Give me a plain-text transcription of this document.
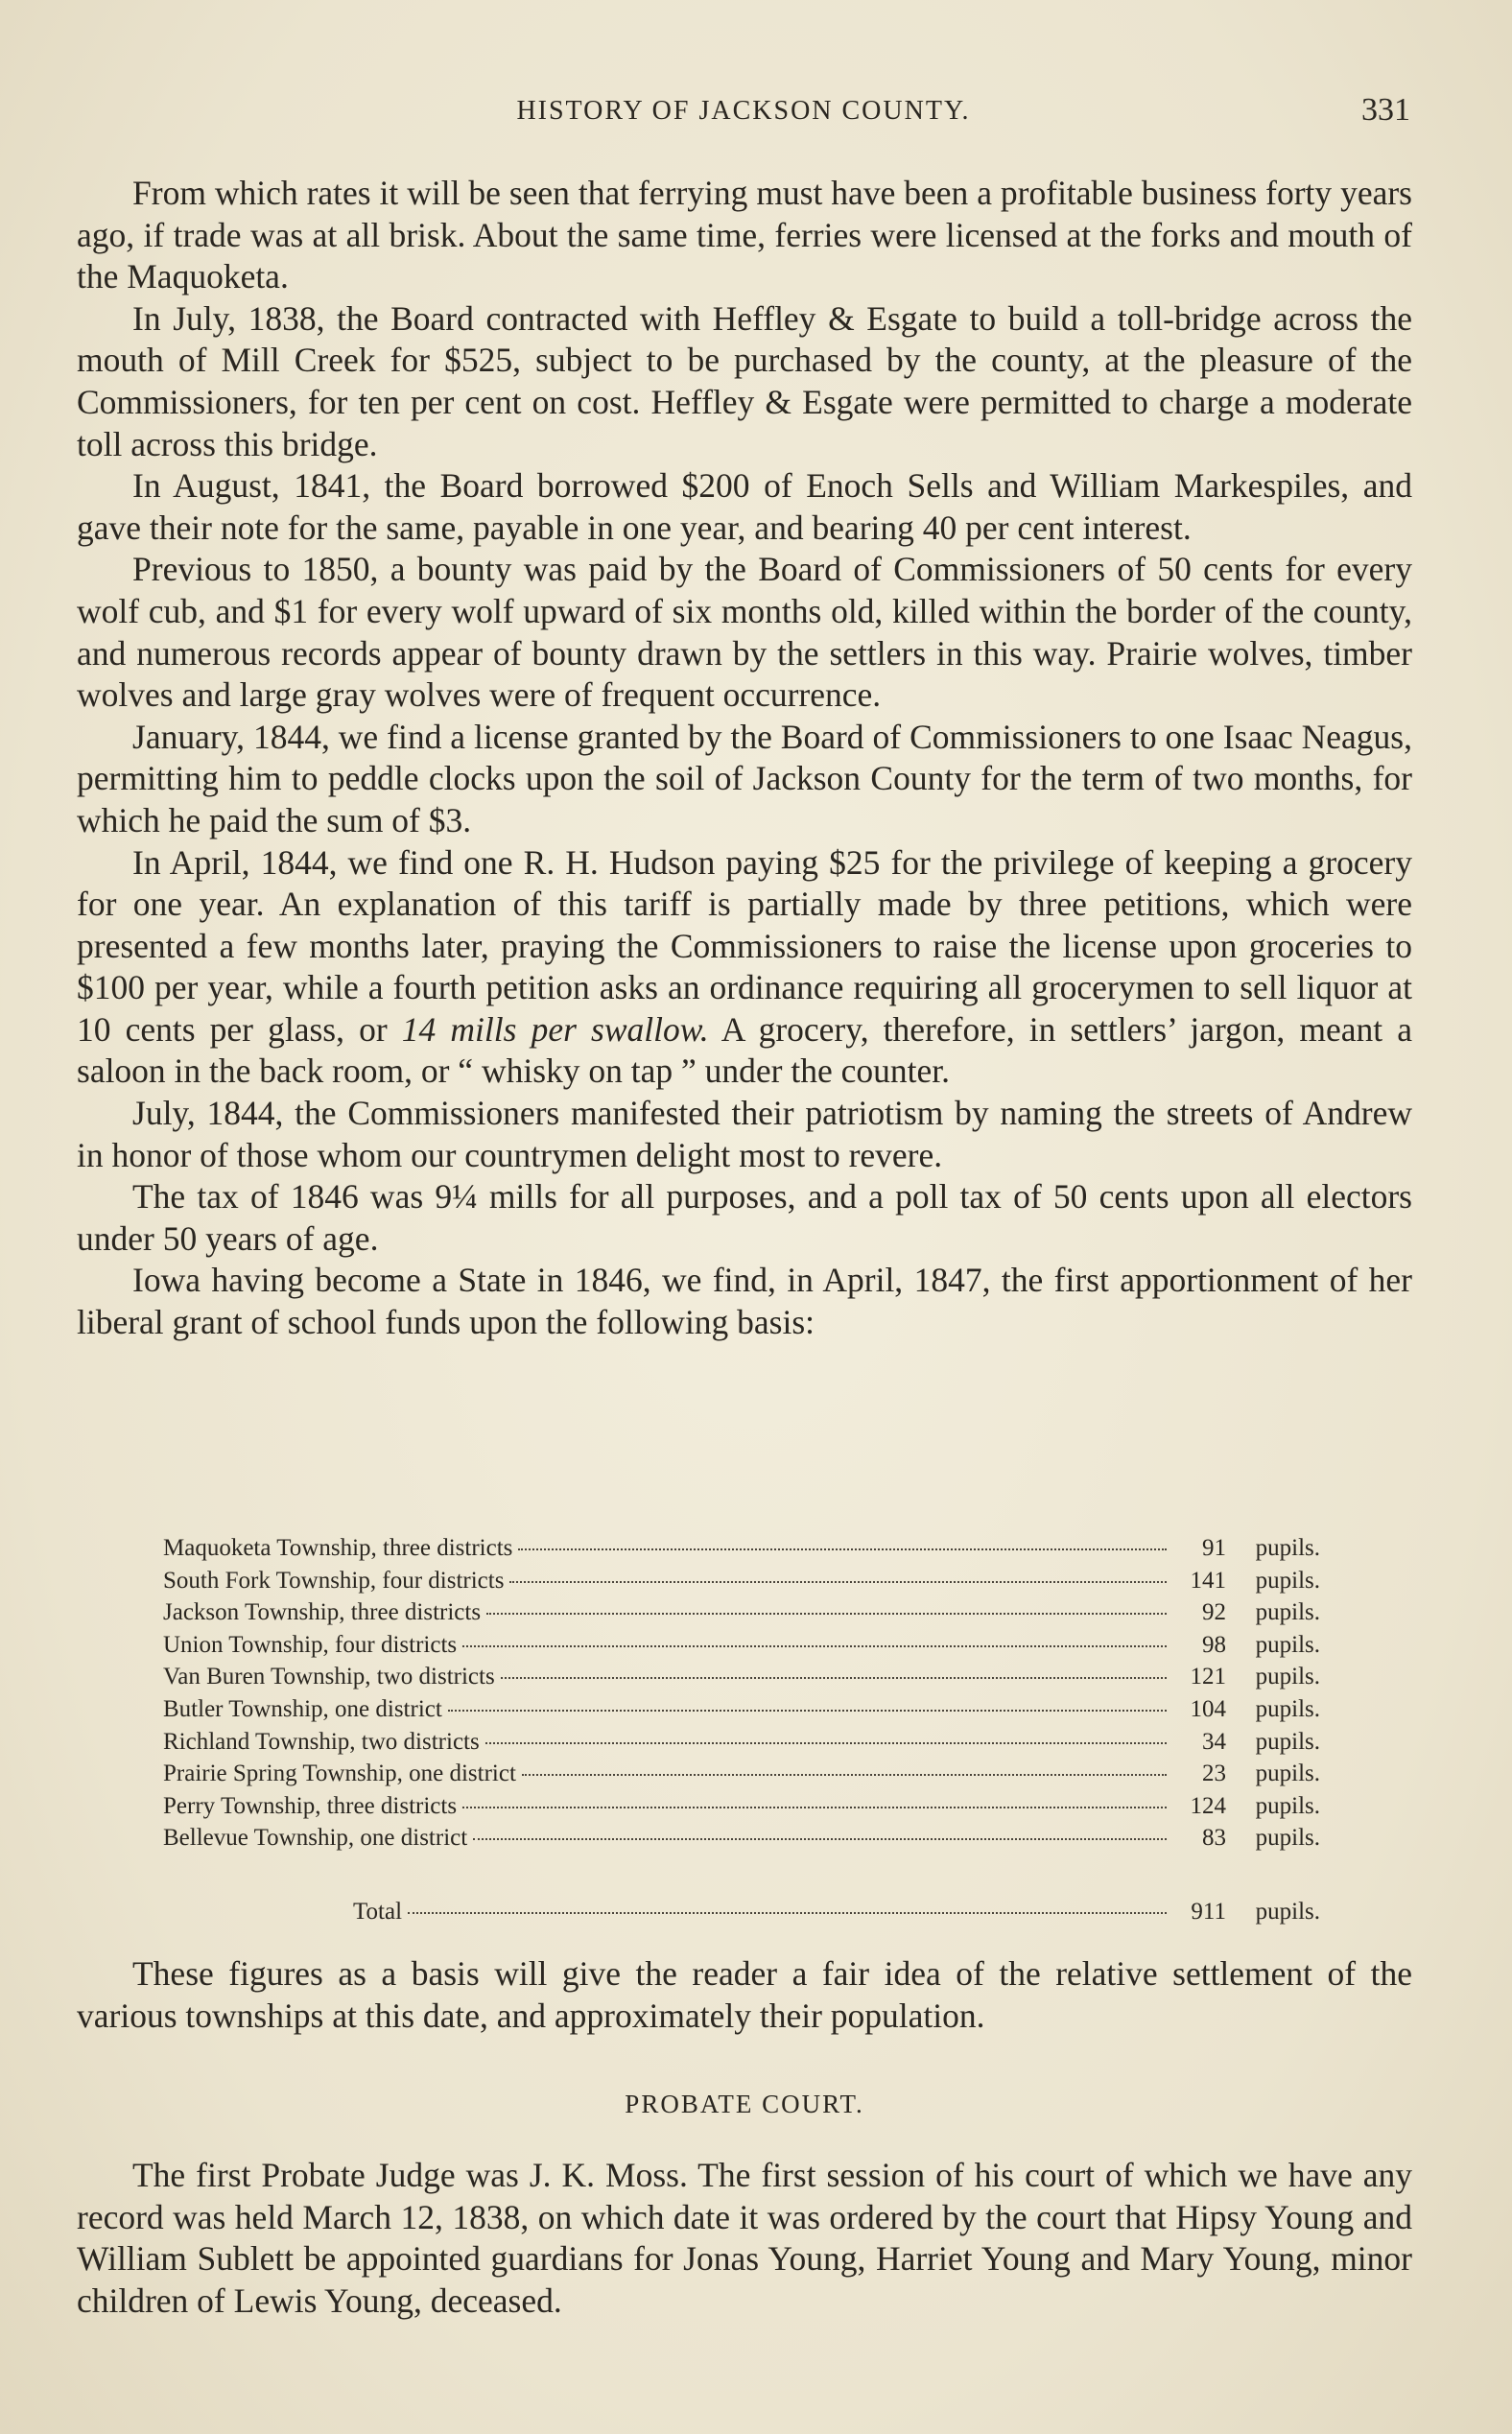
HISTORY OF JACKSON COUNTY.	331

From which rates it will be seen that ferrying must have been a profitable business forty years ago, if trade was at all brisk. About the same time, ferries were licensed at the forks and mouth of the Maquoketa.

In July, 1838, the Board contracted with Heffley & Esgate to build a toll-bridge across the mouth of Mill Creek for $525, subject to be purchased by the county, at the pleasure of the Commissioners, for ten per cent on cost. Heffley & Esgate were permitted to charge a moderate toll across this bridge.

In August, 1841, the Board borrowed $200 of Enoch Sells and William Markespiles, and gave their note for the same, payable in one year, and bearing 40 per cent interest.

Previous to 1850, a bounty was paid by the Board of Commissioners of 50 cents for every wolf cub, and $1 for every wolf upward of six months old, killed within the border of the county, and numerous records appear of bounty drawn by the settlers in this way. Prairie wolves, timber wolves and large gray wolves were of frequent occurrence.

January, 1844, we find a license granted by the Board of Commissioners to one Isaac Neagus, permitting him to peddle clocks upon the soil of Jackson County for the term of two months, for which he paid the sum of $3.

In April, 1844, we find one R. H. Hudson paying $25 for the privilege of keeping a grocery for one year. An explanation of this tariff is partially made by three petitions, which were presented a few months later, praying the Commissioners to raise the license upon groceries to $100 per year, while a fourth petition asks an ordinance requiring all grocerymen to sell liquor at 10 cents per glass, or 14 mills per swallow. A grocery, therefore, in settlers’ jargon, meant a saloon in the back room, or “ whisky on tap ” under the counter.

July, 1844, the Commissioners manifested their patriotism by naming the streets of Andrew in honor of those whom our countrymen delight most to revere.

The tax of 1846 was 9¼ mills for all purposes, and a poll tax of 50 cents upon all electors under 50 years of age.

Iowa having become a State in 1846, we find, in April, 1847, the first apportionment of her liberal grant of school funds upon the following basis:

Maquoketa Township, three districts	91	pupils.
South Fork Township, four districts	141	pupils.
Jackson Township, three districts	92	pupils.
Union Township, four districts	98	pupils.
Van Buren Township, two districts	121	pupils.
Butler Township, one district	104	pupils.
Richland Township, two districts	34	pupils.
Prairie Spring Township, one district	23	pupils.
Perry Township, three districts	124	pupils.
Bellevue Township, one district	83	pupils.
Total	911	pupils.

These figures as a basis will give the reader a fair idea of the relative settlement of the various townships at this date, and approximately their population.

PROBATE COURT.

The first Probate Judge was J. K. Moss. The first session of his court of which we have any record was held March 12, 1838, on which date it was ordered by the court that Hipsy Young and William Sublett be appointed guardians for Jonas Young, Harriet Young and Mary Young, minor children of Lewis Young, deceased.
